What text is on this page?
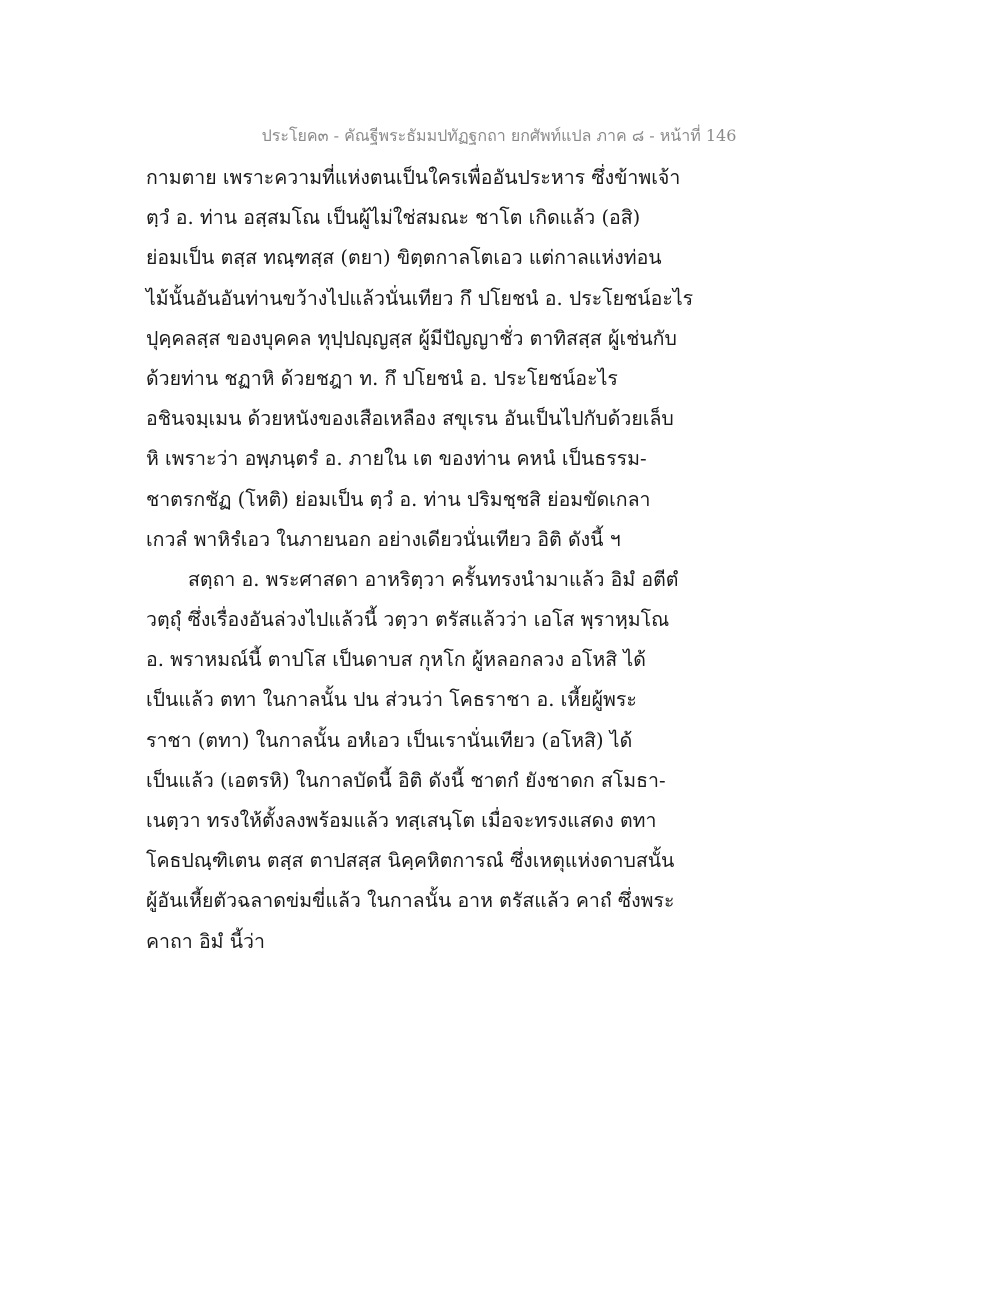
ประโยค๓ - คัณฐีพระธัมมปทัฏฐกถา ยกศัพท์แปล ภาค ๘ - หน้าที่ 146
กามตาย เพราะความที่แห่งตนเป็นใครเพื่ออันประหาร ซึ่งข้าพเจ้า
ตฺวํ อ. ท่าน อสฺสมโณ เป็นผู้ไม่ใช่สมณะ ชาโต เกิดแล้ว (อสิ)
ย่อมเป็น ตสฺส ทณฺฑสฺส (ตยา) ขิตฺตกาลโตเอว แต่กาลแห่งท่อน
ไม้นั้นอันอันท่านขว้างไปแล้วนั่นเทียว กึ ปโยชนํ อ. ประโยชน์อะไร
ปุคฺคลสฺส ของบุคคล ทุปฺปญฺญสฺส ผู้มีปัญญาชั่ว ตาทิสสฺส ผู้เช่นกับ
ด้วยท่าน ชฏาหิ ด้วยชฎา ท. กึ ปโยชนํ อ. ประโยชน์อะไร
อชินจมฺเมน ด้วยหนังของเสือเหลือง สขุเรน อันเป็นไปกับด้วยเล็บ
หิ เพราะว่า อพฺภนฺตรํ อ. ภายใน เต ของท่าน คหนํ เป็นธรรม-
ชาตรกชัฏ (โหติ) ย่อมเป็น ตฺวํ อ. ท่าน ปริมชฺชสิ ย่อมขัดเกลา
เกวลํ พาหิรํเอว ในภายนอก อย่างเดียวนั่นเทียว อิติ ดังนี้ ฯ
สตฺถา อ. พระศาสดา อาหริตฺวา ครั้นทรงนำมาแล้ว อิมํ อตีตํ
วตฺถุํ ซึ่งเรื่องอันล่วงไปแล้วนี้ วตฺวา ตรัสแล้วว่า เอโส พฺราหฺมโณ
อ. พราหมณ์นี้ ตาปโส เป็นดาบส กุหโก ผู้หลอกลวง อโหสิ ได้
เป็นแล้ว ตทา ในกาลนั้น ปน ส่วนว่า โคธราชา อ. เหี้ยผู้พระ
ราชา (ตทา) ในกาลนั้น อหํเอว เป็นเรานั่นเทียว (อโหสิ) ได้
เป็นแล้ว (เอตรหิ) ในกาลบัดนี้ อิติ ดังนี้ ชาตกํ ยังชาดก สโมธา-
เนตฺวา ทรงให้ตั้งลงพร้อมแล้ว ทสฺเสนฺโต เมื่อจะทรงแสดง ตทา
โคธปณฺฑิเตน ตสฺส ตาปสสฺส นิคฺคหิตการณํ ซึ่งเหตุแห่งดาบสนั้น
ผู้อันเหี้ยตัวฉลาดข่มขี่แล้ว ในกาลนั้น อาห ตรัสแล้ว คาถํ ซึ่งพระ
คาถา อิมํ นี้ว่า
